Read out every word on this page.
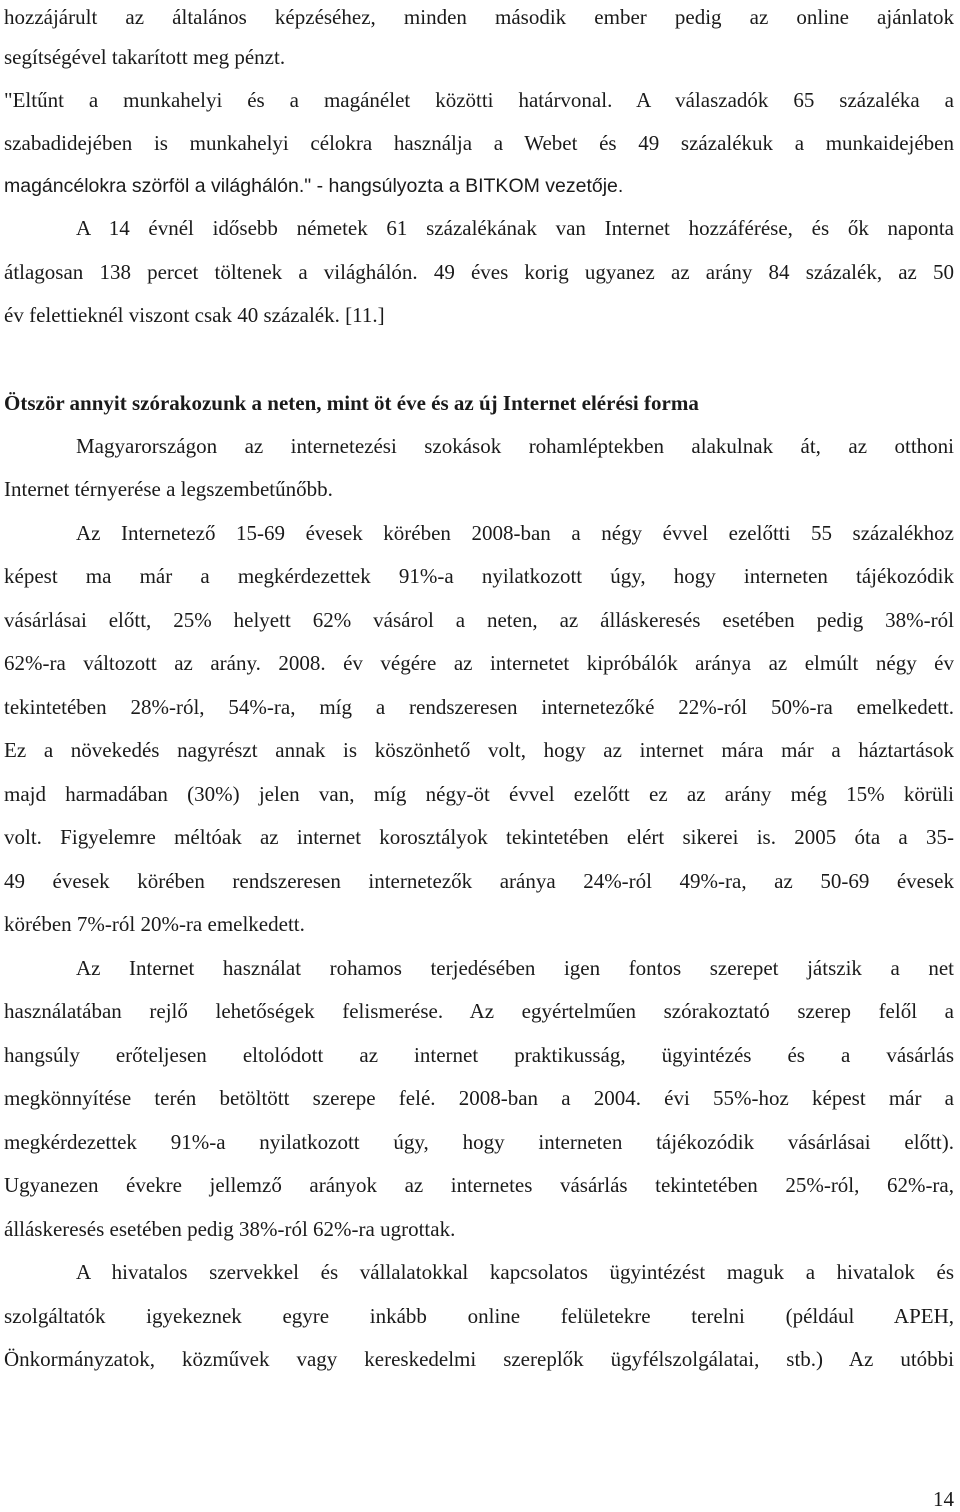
hozzájárult az általános képzéséhez, minden második ember pedig az online ajánlatok
segítségével takarított meg pénzt.
"Eltűnt a munkahelyi és a magánélet közötti határvonal. A válaszadók 65 százaléka a
szabadidejében is munkahelyi célokra használja a Webet és 49 százalékuk a munkaidejében
magáncélokra szörföl a világhálón." - hangsúlyozta a BITKOM vezetője.
A 14 évnél idősebb németek 61 százalékának van Internet hozzáférése, és ők naponta
átlagosan 138 percet töltenek a világhálón. 49 éves korig ugyanez az arány 84 százalék, az 50
év felettieknél viszont csak 40 százalék. [11.]
Ötször annyit szórakozunk a neten, mint öt éve és az új Internet elérési forma
Magyarországon az internetezési szokások rohamléptekben alakulnak át, az otthoni
Internet térnyerése a legszembetűnőbb.
Az Internetező 15-69 évesek körében 2008-ban a négy évvel ezelőtti 55 százalékhoz
képest ma már a megkérdezettek 91%-a nyilatkozott úgy, hogy interneten tájékozódik
vásárlásai előtt, 25% helyett 62% vásárol a neten, az álláskeresés esetében pedig 38%-ról
62%-ra változott az arány. 2008. év végére az internetet kipróbálók aránya az elmúlt négy év
tekintetében 28%-ról, 54%-ra, míg a rendszeresen internetezőké 22%-ról 50%-ra emelkedett.
Ez a növekedés nagyrészt annak is köszönhető volt, hogy az internet mára már a háztartások
majd harmadában (30%) jelen van, míg négy-öt évvel ezelőtt ez az arány még 15% körüli
volt. Figyelemre méltóak az internet korosztályok tekintetében elért sikerei is. 2005 óta a 35-
49 évesek körében rendszeresen internetezők aránya 24%-ról 49%-ra, az 50-69 évesek
körében 7%-ról 20%-ra emelkedett.
Az Internet használat rohamos terjedésében igen fontos szerepet játszik a net
használatában rejlő lehetőségek felismerése. Az egyértelműen szórakoztató szerep felől a
hangsúly erőteljesen eltolódott az internet praktikusság, ügyintézés és a vásárlás
megkönnyítése terén betöltött szerepe felé. 2008-ban a 2004. évi 55%-hoz képest már a
megkérdezettek 91%-a nyilatkozott úgy, hogy interneten tájékozódik vásárlásai előtt).
Ugyanezen évekre jellemző arányok az internetes vásárlás tekintetében 25%-ról, 62%-ra,
álláskeresés esetében pedig 38%-ról 62%-ra ugrottak.
A hivatalos szervekkel és vállalatokkal kapcsolatos ügyintézést maguk a hivatalok és
szolgáltatók igyekeznek egyre inkább online felületekre terelni (például APEH,
Önkormányzatok, közművek vagy kereskedelmi szereplők ügyfélszolgálatai, stb.) Az utóbbi
14
